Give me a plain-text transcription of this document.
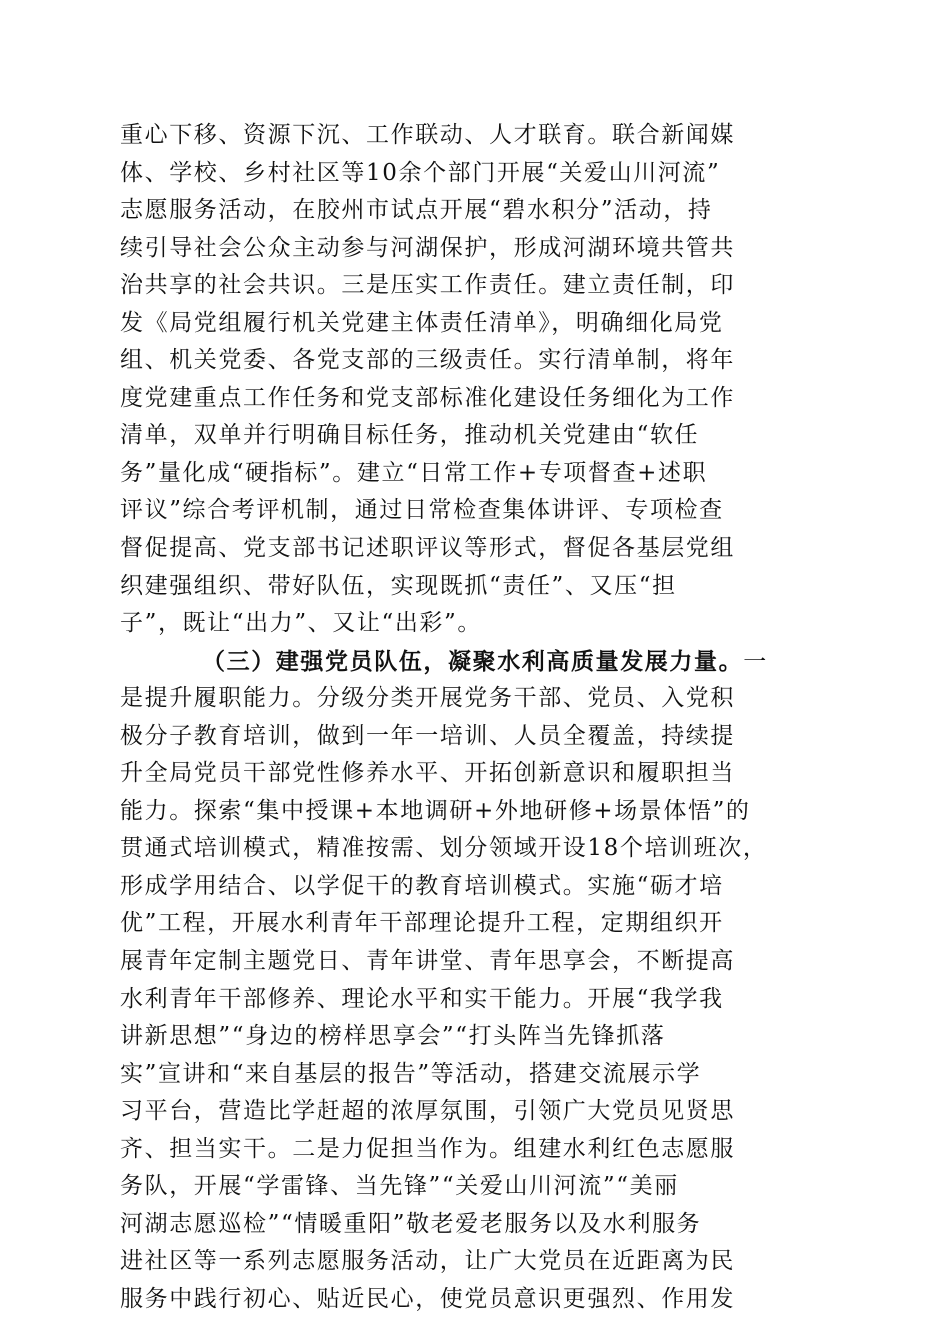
重心下移、资源下沉、工作联动、人才联育。联合新闻媒
体、学校、乡村社区等10余个部门开展“关爱山川河流”
志愿服务活动，在胶州市试点开展“碧水积分”活动，持
续引导社会公众主动参与河湖保护，形成河湖环境共管共
治共享的社会共识。三是压实工作责任。建立责任制，印
发《局党组履行机关党建主体责任清单》，明确细化局党
组、机关党委、各党支部的三级责任。实行清单制，将年
度党建重点工作任务和党支部标准化建设任务细化为工作
清单，双单并行明确目标任务，推动机关党建由“软任
务”量化成“硬指标”。建立“日常工作+专项督查+述职
评议”综合考评机制，通过日常检查集体讲评、专项检查
督促提高、党支部书记述职评议等形式，督促各基层党组
织建强组织、带好队伍，实现既抓“责任”、又压“担
子”，既让“出力”、又让“出彩”。
（三）建强党员队伍，凝聚水利高质量发展力量。一
是提升履职能力。分级分类开展党务干部、党员、入党积
极分子教育培训，做到一年一培训、人员全覆盖，持续提
升全局党员干部党性修养水平、开拓创新意识和履职担当
能力。探索“集中授课+本地调研+外地研修+场景体悟”的
贯通式培训模式，精准按需、划分领域开设18个培训班次，
形成学用结合、以学促干的教育培训模式。实施“砺才培
优”工程，开展水利青年干部理论提升工程，定期组织开
展青年定制主题党日、青年讲堂、青年思享会，不断提高
水利青年干部修养、理论水平和实干能力。开展“我学我
讲新思想”“身边的榜样思享会”“打头阵当先锋抓落
实”宣讲和“来自基层的报告”等活动，搭建交流展示学
习平台，营造比学赶超的浓厚氛围，引领广大党员见贤思
齐、担当实干。二是力促担当作为。组建水利红色志愿服
务队，开展“学雷锋、当先锋”“关爱山川河流”“美丽
河湖志愿巡检”“情暖重阳”敬老爱老服务以及水利服务
进社区等一系列志愿服务活动，让广大党员在近距离为民
服务中践行初心、贴近民心，使党员意识更强烈、作用发
